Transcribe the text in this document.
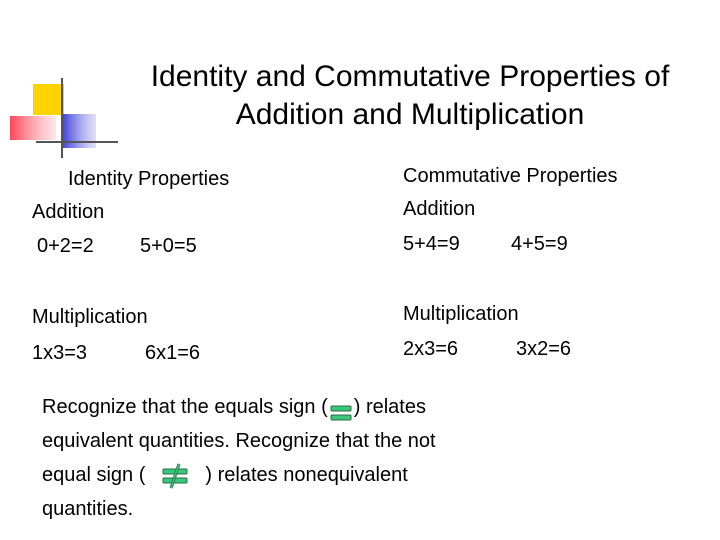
Identity and Commutative Properties of
Addition and Multiplication
Identity Properties
Addition
0+2=2 5+0=5
Multiplication
1x3=3	6x1=6
Commutative Properties
Addition
5+4=9	4+5=9
Multiplication
2x3=6	3x2=6
Recognize that the equals sign ( ) relates
equivalent quantities. Recognize that the not
equal sign (	) relates nonequivalent
quantities.
